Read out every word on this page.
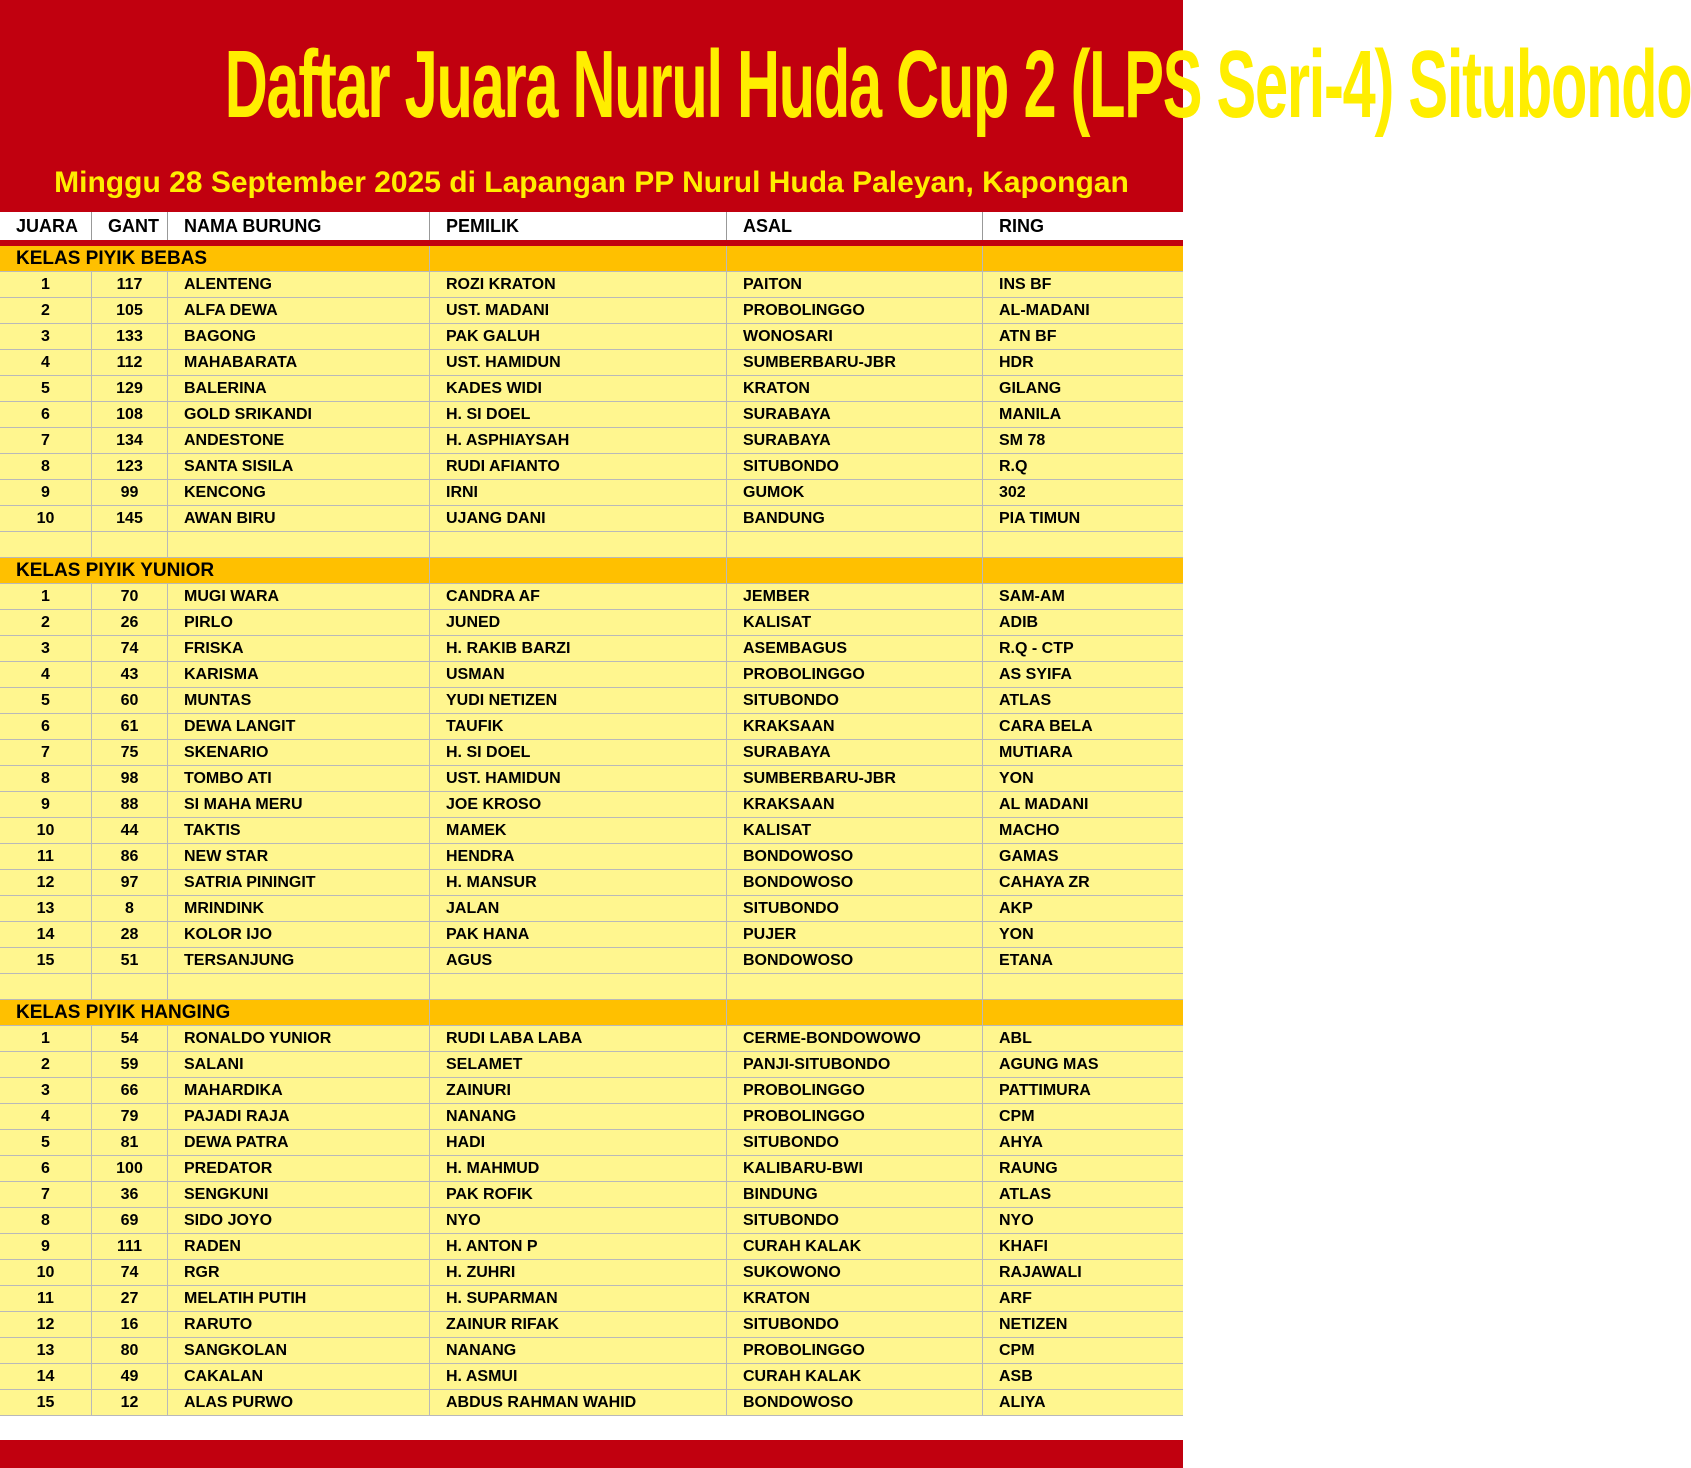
Daftar Juara Nurul Huda Cup 2 (LPS Seri-4) Situbondo
Minggu 28 September 2025 di Lapangan PP Nurul Huda Paleyan, Kapongan
JUARA	GANT	NAMA BURUNG	PEMILIK	ASAL	RING
KELAS PIYIK BEBAS
1	117	ALENTENG	ROZI KRATON	PAITON	INS BF
2	105	ALFA DEWA	UST. MADANI	PROBOLINGGO	AL-MADANI
3	133	BAGONG	PAK GALUH	WONOSARI	ATN BF
4	112	MAHABARATA	UST. HAMIDUN	SUMBERBARU-JBR	HDR
5	129	BALERINA	KADES WIDI	KRATON	GILANG
6	108	GOLD SRIKANDI	H. SI DOEL	SURABAYA	MANILA
7	134	ANDESTONE	H. ASPHIAYSAH	SURABAYA	SM 78
8	123	SANTA SISILA	RUDI AFIANTO	SITUBONDO	R.Q
9	99	KENCONG	IRNI	GUMOK	302
10	145	AWAN BIRU	UJANG DANI	BANDUNG	PIA TIMUN
KELAS PIYIK YUNIOR
1	70	MUGI WARA	CANDRA AF	JEMBER	SAM-AM
2	26	PIRLO	JUNED	KALISAT	ADIB
3	74	FRISKA	H. RAKIB BARZI	ASEMBAGUS	R.Q - CTP
4	43	KARISMA	USMAN	PROBOLINGGO	AS SYIFA
5	60	MUNTAS	YUDI NETIZEN	SITUBONDO	ATLAS
6	61	DEWA LANGIT	TAUFIK	KRAKSAAN	CARA BELA
7	75	SKENARIO	H. SI DOEL	SURABAYA	MUTIARA
8	98	TOMBO ATI	UST. HAMIDUN	SUMBERBARU-JBR	YON
9	88	SI MAHA MERU	JOE KROSO	KRAKSAAN	AL MADANI
10	44	TAKTIS	MAMEK	KALISAT	MACHO
11	86	NEW STAR	HENDRA	BONDOWOSO	GAMAS
12	97	SATRIA PININGIT	H. MANSUR	BONDOWOSO	CAHAYA ZR
13	8	MRINDINK	JALAN	SITUBONDO	AKP
14	28	KOLOR IJO	PAK HANA	PUJER	YON
15	51	TERSANJUNG	AGUS	BONDOWOSO	ETANA
KELAS PIYIK HANGING
1	54	RONALDO YUNIOR	RUDI LABA LABA	CERME-BONDOWOWO	ABL
2	59	SALANI	SELAMET	PANJI-SITUBONDO	AGUNG MAS
3	66	MAHARDIKA	ZAINURI	PROBOLINGGO	PATTIMURA
4	79	PAJADI RAJA	NANANG	PROBOLINGGO	CPM
5	81	DEWA PATRA	HADI	SITUBONDO	AHYA
6	100	PREDATOR	H. MAHMUD	KALIBARU-BWI	RAUNG
7	36	SENGKUNI	PAK ROFIK	BINDUNG	ATLAS
8	69	SIDO JOYO	NYO	SITUBONDO	NYO
9	111	RADEN	H. ANTON P	CURAH KALAK	KHAFI
10	74	RGR	H. ZUHRI	SUKOWONO	RAJAWALI
11	27	MELATIH PUTIH	H. SUPARMAN	KRATON	ARF
12	16	RARUTO	ZAINUR RIFAK	SITUBONDO	NETIZEN
13	80	SANGKOLAN	NANANG	PROBOLINGGO	CPM
14	49	CAKALAN	H. ASMUI	CURAH KALAK	ASB
15	12	ALAS PURWO	ABDUS RAHMAN WAHID	BONDOWOSO	ALIYA
